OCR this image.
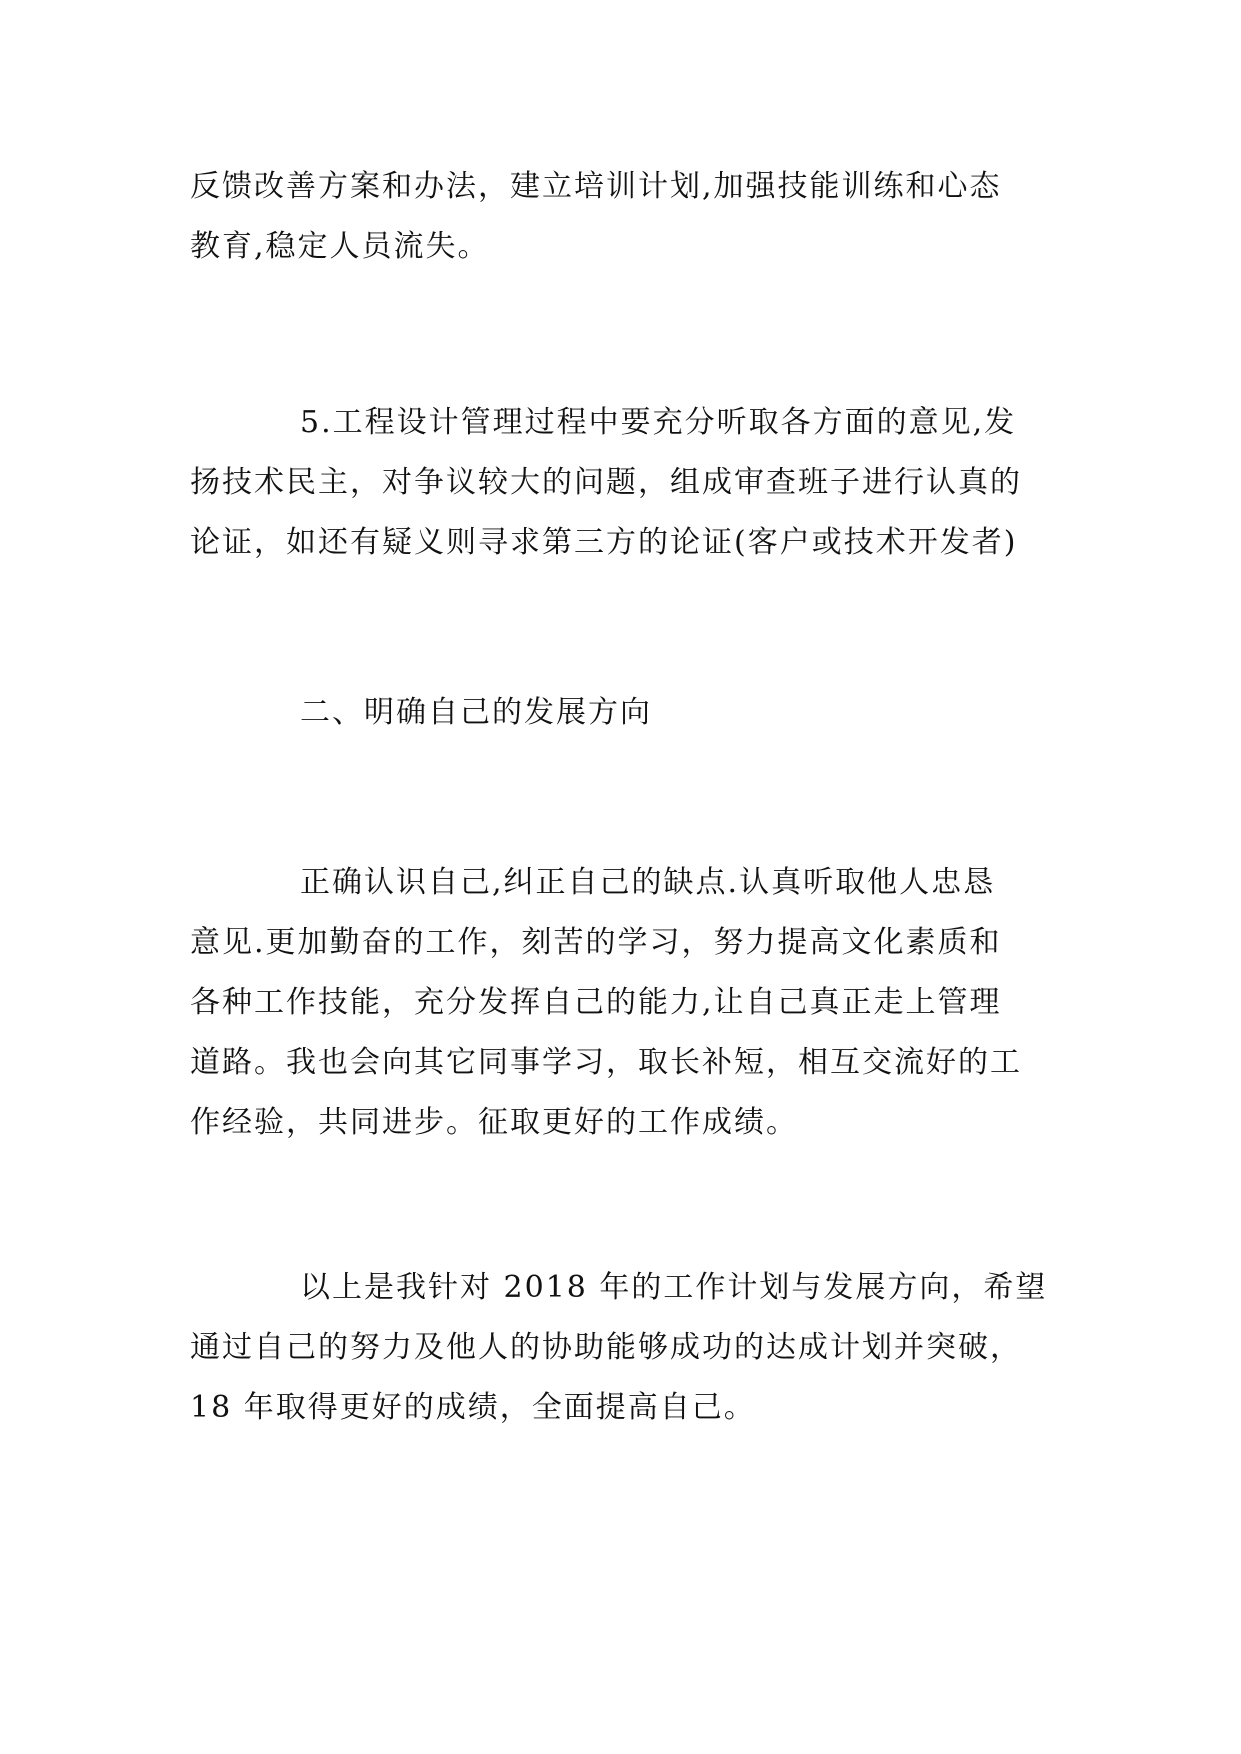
反馈改善方案和办法，建立培训计划,加强技能训练和心态
教育,稳定人员流失。
5.工程设计管理过程中要充分听取各方面的意见,发
扬技术民主，对争议较大的问题，组成审查班子进行认真的
论证，如还有疑义则寻求第三方的论证(客户或技术开发者)
二、明确自己的发展方向
正确认识自己,纠正自己的缺点.认真听取他人忠恳
意见.更加勤奋的工作，刻苦的学习，努力提高文化素质和
各种工作技能，充分发挥自己的能力,让自己真正走上管理
道路。我也会向其它同事学习，取长补短，相互交流好的工
作经验，共同进步。征取更好的工作成绩。
以上是我针对 2018 年的工作计划与发展方向，希望
通过自己的努力及他人的协助能够成功的达成计划并突破，
18 年取得更好的成绩，全面提高自己。
